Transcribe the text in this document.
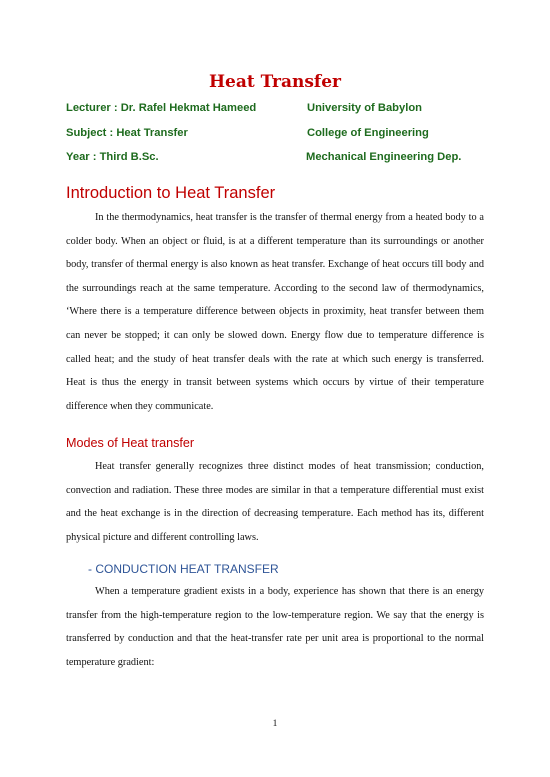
Heat Transfer
Lecturer : Dr. Rafel Hekmat Hameed	University of Babylon
Subject : Heat Transfer	College of Engineering
Year : Third B.Sc.	Mechanical Engineering Dep.
Introduction to Heat Transfer

In the thermodynamics, heat transfer is the transfer of thermal energy from a heated body to a colder body. When an object or fluid, is at a different temperature than its surroundings or another body, transfer of thermal energy is also known as heat transfer. Exchange of heat occurs till body and the surroundings reach at the same temperature. According to the second law of thermodynamics, ‘Where there is a temperature difference between objects in proximity, heat transfer between them can never be stopped; it can only be slowed down. Energy flow due to temperature difference is called heat; and the study of heat transfer deals with the rate at which such energy is transferred. Heat is thus the energy in transit between systems which occurs by virtue of their temperature difference when they communicate.

Modes of Heat transfer

Heat transfer generally recognizes three distinct modes of heat transmission; conduction, convection and radiation. These three modes are similar in that a temperature differential must exist and the heat exchange is in the direction of decreasing temperature. Each method has its, different physical picture and different controlling laws.

- CONDUCTION HEAT TRANSFER

When a temperature gradient exists in a body, experience has shown that there is an energy transfer from the high-temperature region to the low-temperature region. We say that the energy is transferred by conduction and that the heat-transfer rate per unit area is proportional to the normal temperature gradient:

1
